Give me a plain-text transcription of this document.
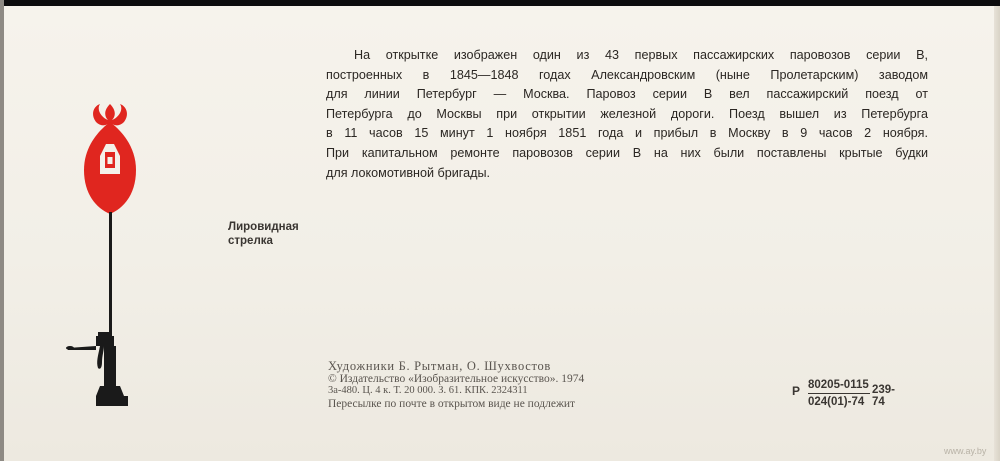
Лировидная
стрелка
На открытке изображен один из 43 первых пассажирских паровозов серии В,
построенных в 1845—1848 годах Александровским (ныне Пролетарским) заводом
для линии Петербург — Москва. Паровоз серии В вел пассажирский поезд от
Петербурга до Москвы при открытии железной дороги. Поезд вышел из Петербурга
в 11 часов 15 минут 1 ноября 1851 года и прибыл в Москву в 9 часов 2 ноября.
При капитальном ремонте паровозов серии В на них были поставлены крытые будки
для локомотивной бригады.
Художники Б. Рытман, О. Шухвостов
© Издательство «Изобразительное искусство». 1974
3а-480. Ц. 4 к. Т. 20 000. З. 61. КПК. 2324311
Пересылке по почте в открытом виде не подлежит
Р $\frac{80205-0115}{024(01)-74} 239-74$
www.ay.by
